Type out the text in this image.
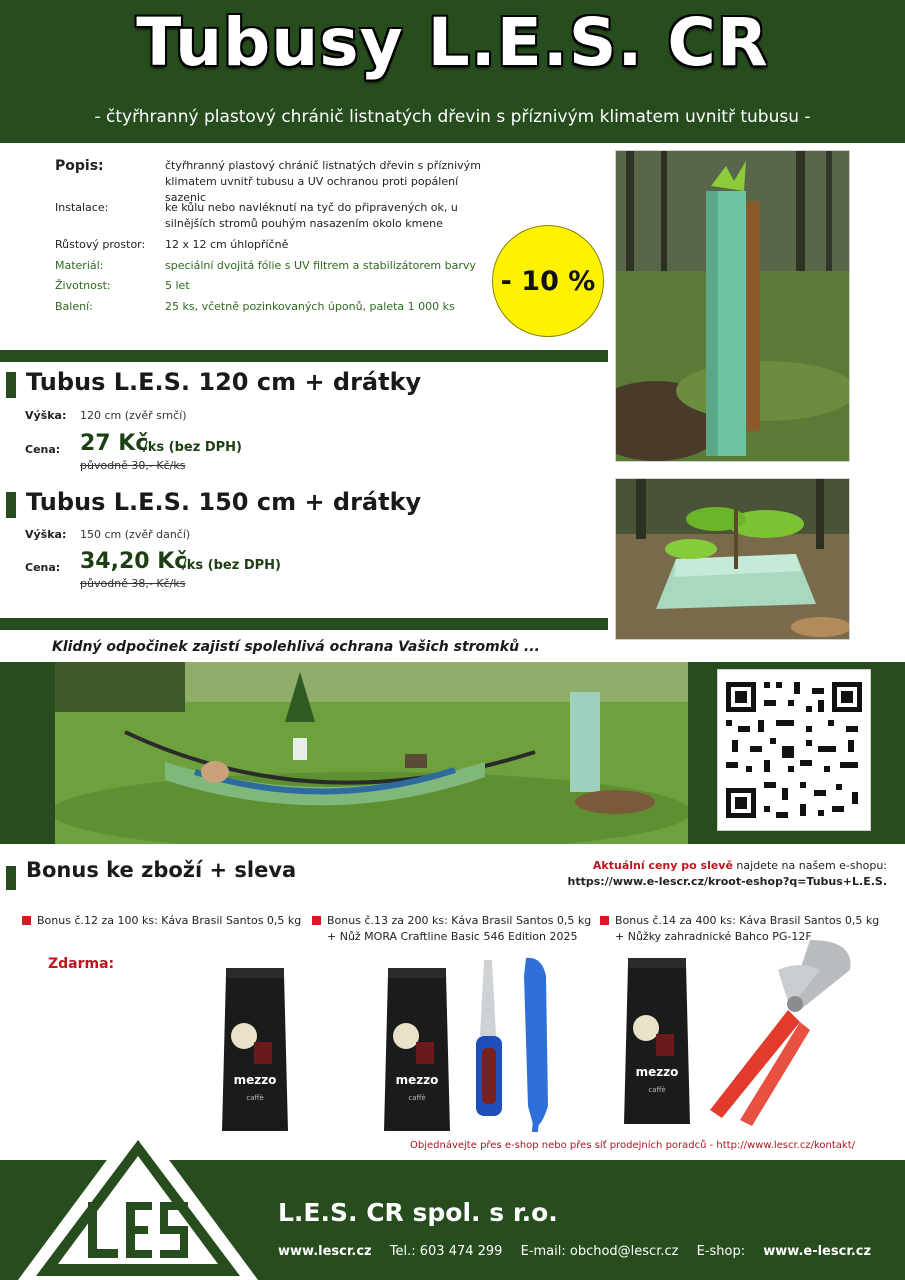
Tubusy L.E.S. CR
- čtyřhranný plastový chránič listnatých dřevin s příznivým klimatem uvnitř tubusu -
Popis:	čtyřhranný plastový chránič listnatých dřevin s příznivým klimatem uvnitř tubusu a UV ochranou proti popálení sazenic
Instalace:	ke kůlu nebo navléknutí na tyč do připravených ok, u silnějších stromů pouhým nasazením okolo kmene
Růstový prostor:	12 x 12 cm úhlopříčně
Materiál:	speciální dvojitá fólie s UV filtrem a stabilizátorem barvy
Životnost:	5 let
Balení:	25 ks, včetně pozinkovaných úponů, paleta 1 000 ks
- 10 %
Tubus L.E.S. 120 cm + drátky
Výška: 120 cm (zvěř srnčí)
Cena: 27 Kč
/ks (bez DPH)
původně 30,- Kč/ks
Tubus L.E.S. 150 cm + drátky
Výška: 150 cm (zvěř dančí)
Cena: 34,20 Kč
/ks (bez DPH)
původně 38,- Kč/ks
Klidný odpočinek zajistí spolehlivá ochrana Vašich stromků ...
Bonus ke zboží + sleva	Aktuální ceny po slevě najdete na našem e-shopu:
https://www.e-lescr.cz/kroot-eshop?q=Tubus+L.E.S.
Bonus č.12 za 100 ks: Káva Brasil Santos 0,5 kg	Bonus č.13 za 200 ks: Káva Brasil Santos 0,5 kg
+ Nůž MORA Craftline Basic 546 Edition 2025
Bonus č.14 za 400 ks: Káva Brasil Santos 0,5 kg
+ Nůžky zahradnické Bahco PG-12F
Zdarma:
mezzo
caffè
mezzo
caffè
mezzo
caffè
Objednávejte přes e-shop nebo přes síť prodejních poradců - http://www.lescr.cz/kontakt/
L.E.S. CR spol. s r.o.
www.lescr.cz Tel.: 603 474 299 E-mail: obchod@lescr.cz E-shop: www.e-lescr.cz
